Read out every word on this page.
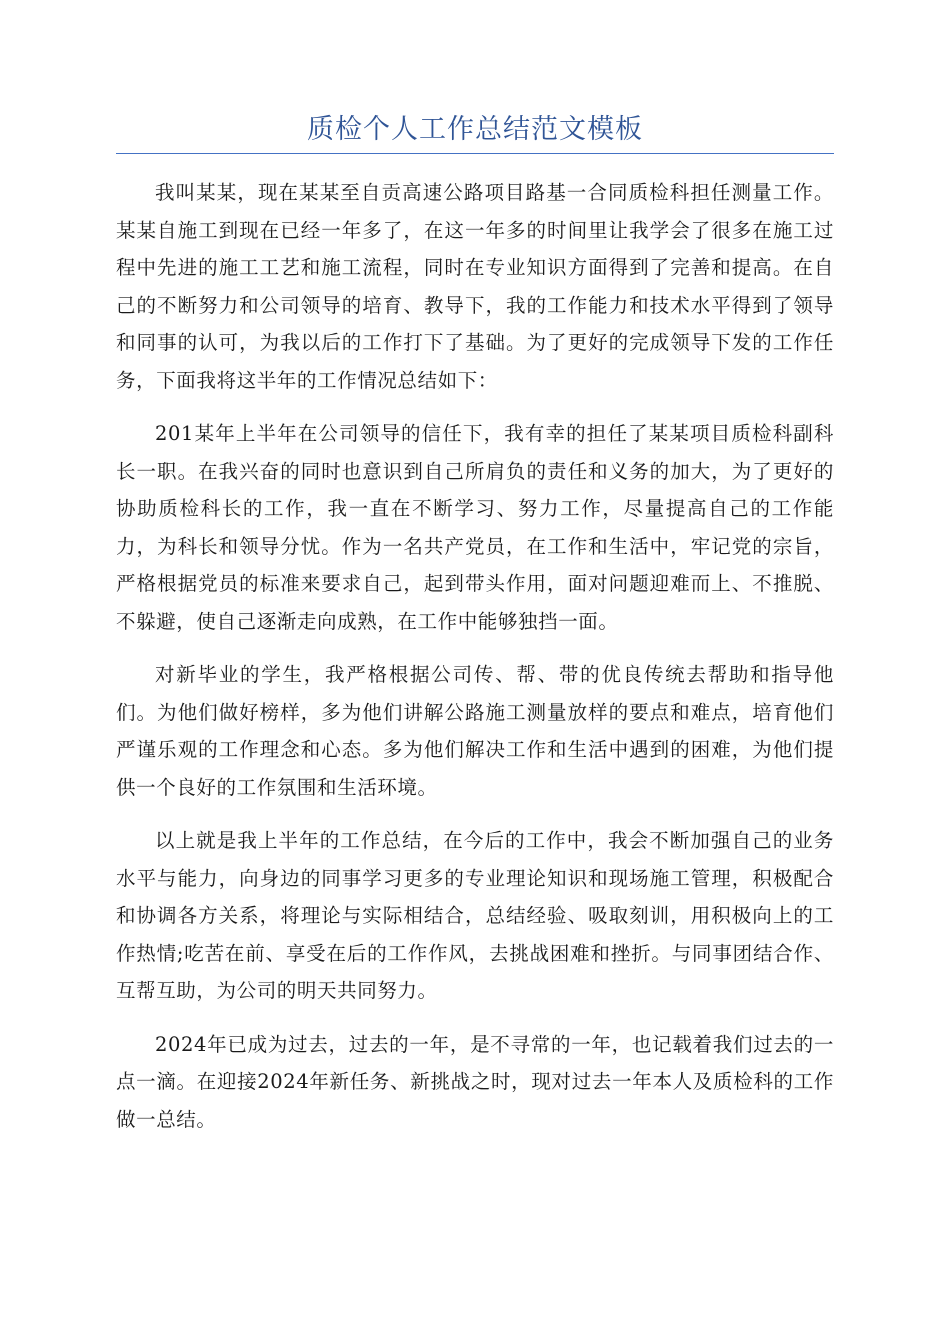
质检个人工作总结范文模板

我叫某某，现在某某至自贡高速公路项目路基一合同质检科担任测量工作。某某自施工到现在已经一年多了，在这一年多的时间里让我学会了很多在施工过程中先进的施工工艺和施工流程，同时在专业知识方面得到了完善和提高。在自己的不断努力和公司领导的培育、教导下，我的工作能力和技术水平得到了领导和同事的认可，为我以后的工作打下了基础。为了更好的完成领导下发的工作任务，下面我将这半年的工作情况总结如下：

201某年上半年在公司领导的信任下，我有幸的担任了某某项目质检科副科长一职。在我兴奋的同时也意识到自己所肩负的责任和义务的加大，为了更好的协助质检科长的工作，我一直在不断学习、努力工作，尽量提高自己的工作能力，为科长和领导分忧。作为一名共产党员，在工作和生活中，牢记党的宗旨，严格根据党员的标准来要求自己，起到带头作用，面对问题迎难而上、不推脱、不躲避，使自己逐渐走向成熟，在工作中能够独挡一面。

对新毕业的学生，我严格根据公司传、帮、带的优良传统去帮助和指导他们。为他们做好榜样，多为他们讲解公路施工测量放样的要点和难点，培育他们严谨乐观的工作理念和心态。多为他们解决工作和生活中遇到的困难，为他们提供一个良好的工作氛围和生活环境。

以上就是我上半年的工作总结，在今后的工作中，我会不断加强自己的业务水平与能力，向身边的同事学习更多的专业理论知识和现场施工管理，积极配合和协调各方关系，将理论与实际相结合，总结经验、吸取刻训，用积极向上的工作热情;吃苦在前、享受在后的工作作风，去挑战困难和挫折。与同事团结合作、互帮互助，为公司的明天共同努力。

2024年已成为过去，过去的一年，是不寻常的一年，也记载着我们过去的一点一滴。在迎接2024年新任务、新挑战之时，现对过去一年本人及质检科的工作做一总结。
